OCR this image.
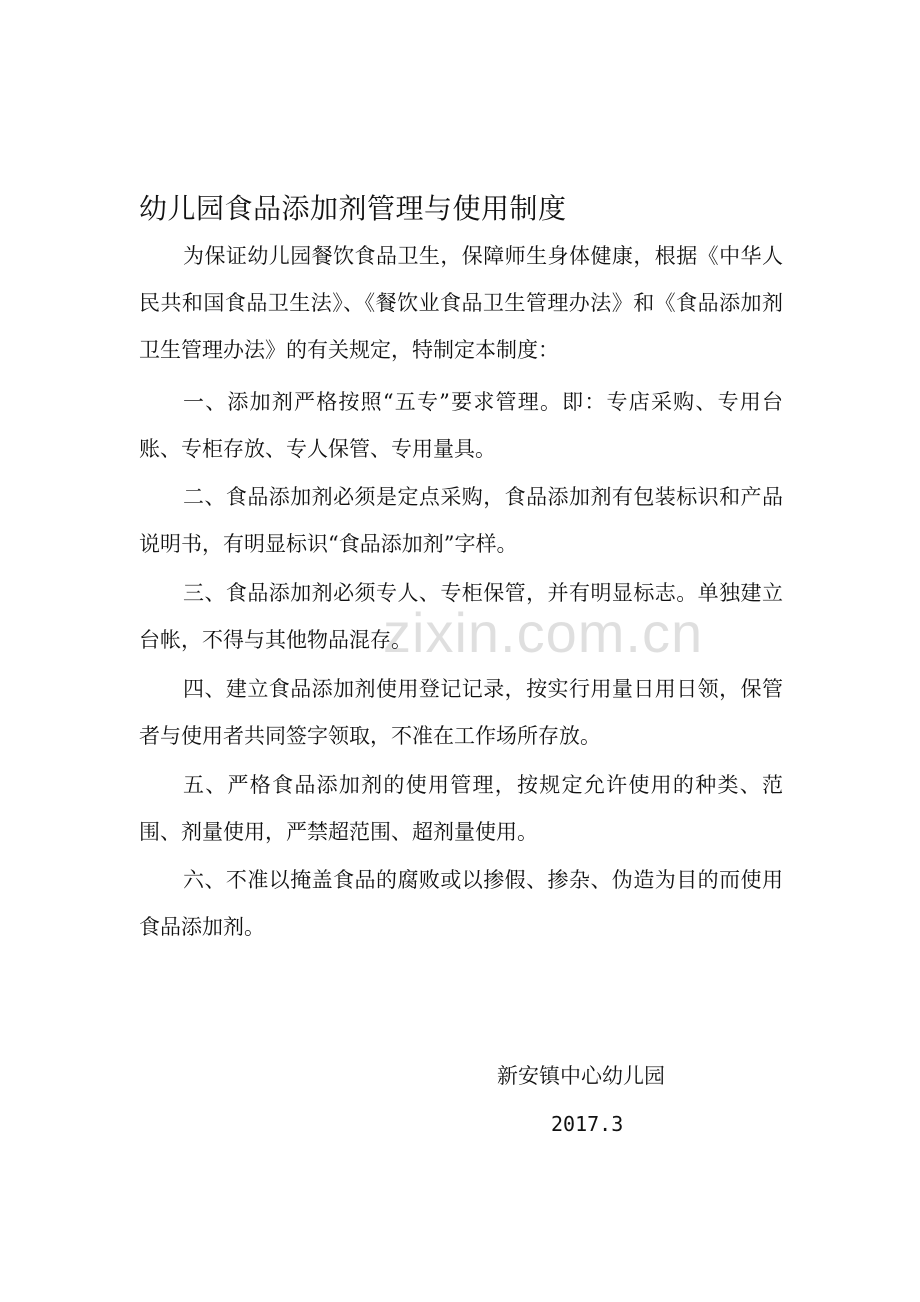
幼儿园食品添加剂管理与使用制度
为保证幼儿园餐饮食品卫生，保障师生身体健康，根据《中华人民共和国食品卫生法》、《餐饮业食品卫生管理办法》和《食品添加剂卫生管理办法》的有关规定，特制定本制度：
一、添加剂严格按照“五专”要求管理。即：专店采购、专用台账、专柜存放、专人保管、专用量具。
二、食品添加剂必须是定点采购，食品添加剂有包装标识和产品说明书，有明显标识“食品添加剂”字样。
三、食品添加剂必须专人、专柜保管，并有明显标志。单独建立台帐，不得与其他物品混存。
四、建立食品添加剂使用登记记录，按实行用量日用日领，保管者与使用者共同签字领取，不准在工作场所存放。
五、严格食品添加剂的使用管理，按规定允许使用的种类、范围、剂量使用，严禁超范围、超剂量使用。
六、不准以掩盖食品的腐败或以掺假、掺杂、伪造为目的而使用食品添加剂。
新安镇中心幼儿园
2017.3
zixin.com.cn
